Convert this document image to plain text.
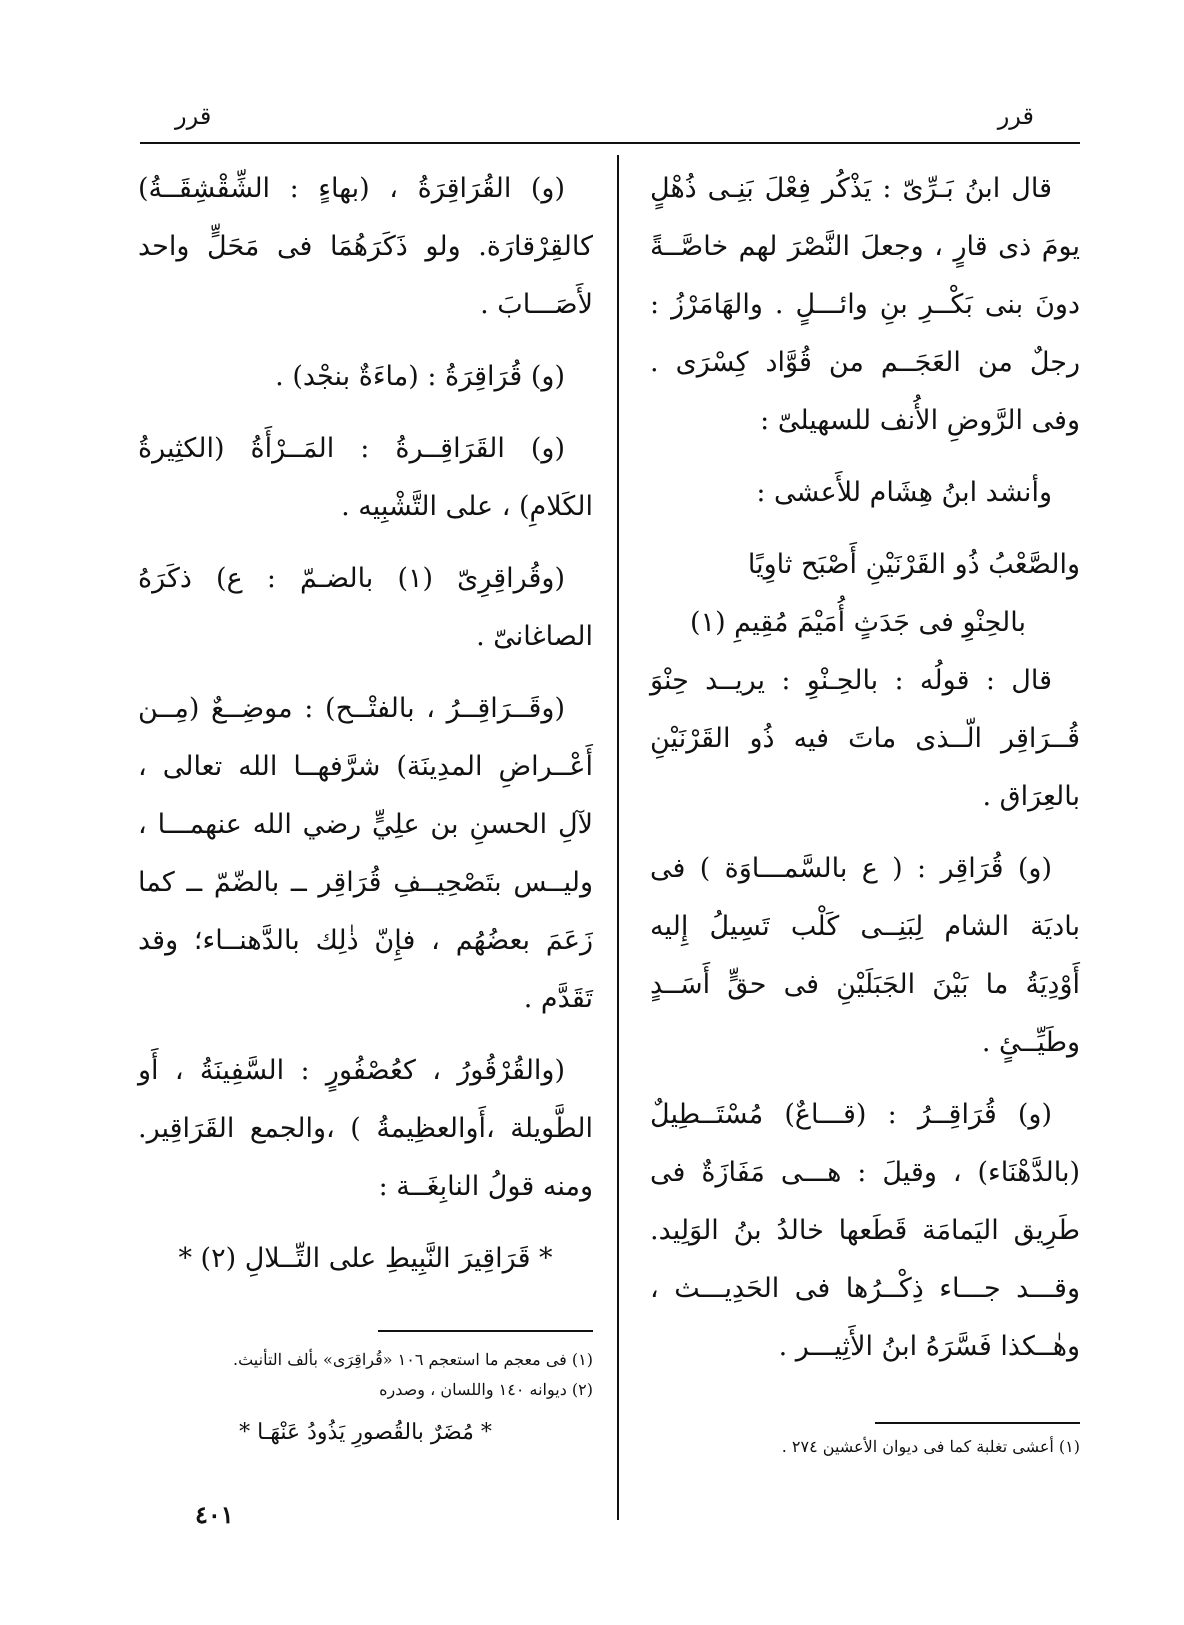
قرر
قرر

قال ابنُ بَـرِّىّ : يَذْكُر فِعْلَ بَنِـى ذُهْلٍ يومَ ذى قارٍ ، وجعلَ النَّصْرَ لهم خاصَّــةً دونَ بنى بَكْــرِ بنِ وائـــلٍ . والهَامَرْزُ : رجلٌ من العَجَــم من قُوَّاد كِسْرَى . وفى الرَّوضِ الأُنف للسهيلىّ :

وأنشد ابنُ هِشَام للأَعشى :

والصَّعْبُ ذُو القَرْنَيْنِ أَصْبَح ثاوِيًا

بالحِنْوِ فى جَدَثٍ أُمَيْمَ مُقِيمِ (١)

قال : قولُه : بالحِـنْوِ : يريــد حِنْوَ قُــرَاقِر الّــذى ماتَ فيه ذُو القَرْنَيْنِ بالعِرَاق .

(و) قُرَاقِر : ( ع بالسَّمـــاوَة ) فى باديَة الشام لِبَنِــى كَلْب تَسِيلُ إِليه أَوْدِيَةُ ما بَيْنَ الجَبَلَيْنِ فى حقٍّ أَسَــدٍ وطَيِّــئٍ .

(و) قُرَاقِــرُ : (قـــاعٌ) مُسْتَــطِيلٌ (بالدَّهْنَاء) ، وقيلَ : هـــى مَفَازَةٌ فى طَرِيق اليَمامَة قَطَعها خالدُ بنُ الوَلِيد. وقـــد جـــاء ذِكْــرُها فى الحَدِيـــث ، وهٰــكذا فَسَّرَهُ ابنُ الأَثِيـــر .

(و) القُرَاقِرَةُ ، (بهاءٍ : الشِّقْشِقَــةُ) كالقِرْقارَة. ولو ذَكَرَهُمَا فى مَحَلٍّ واحد لأَصَـــابَ .

(و) قُرَاقِرَةُ : (ماءَةٌ بنجْد) .

(و) القَرَاقِــرةُ : المَــرْأَةُ (الكثِيرةُ الكَلامِ) ، على التَّشْبِيه .

(وقُراقِرِىّ (١) بالضـمّ : ع) ذكَرَهُ الصاغانىّ .

(وقَــرَاقِــرُ ، بالفتْــح) : موضِــعٌ (مِــن أَعْــراضِ المدِينَة) شرَّفهــا الله تعالى ، لآلِ الحسنِ بن علِيٍّ رضي الله عنهمـــا ، وليــس بتَصْحِيــفِ قُرَاقِر ــ بالضّمّ ــ كما زَعَمَ بعضُهُم ، فإِنّ ذٰلِك بالدَّهنــاء؛ وقد تَقَدَّم .

(والقُرْقُورُ ، كعُصْفُورٍ : السَّفِينَةُ ، أَو الطَّويلة ،أَوالعظِيمةُ ) ،والجمع القَرَاقِير. ومنه قولُ النابِغَــة :

* قَرَاقِيرَ النَّبِيطِ على التِّــلالِ (٢) *

(١) أعشى تغلبة كما فى ديوان الأعشين ٢٧٤ .

(١) فى معجم ما استعجم ١٠٦ «قُراقِرَى» بألف التأنيث.

(٢) ديوانه ١٤٠ واللسان ، وصدره

* مُضَرٌ بالقُصورِ يَذُودُ عَنْهَـا *
٤٠١
